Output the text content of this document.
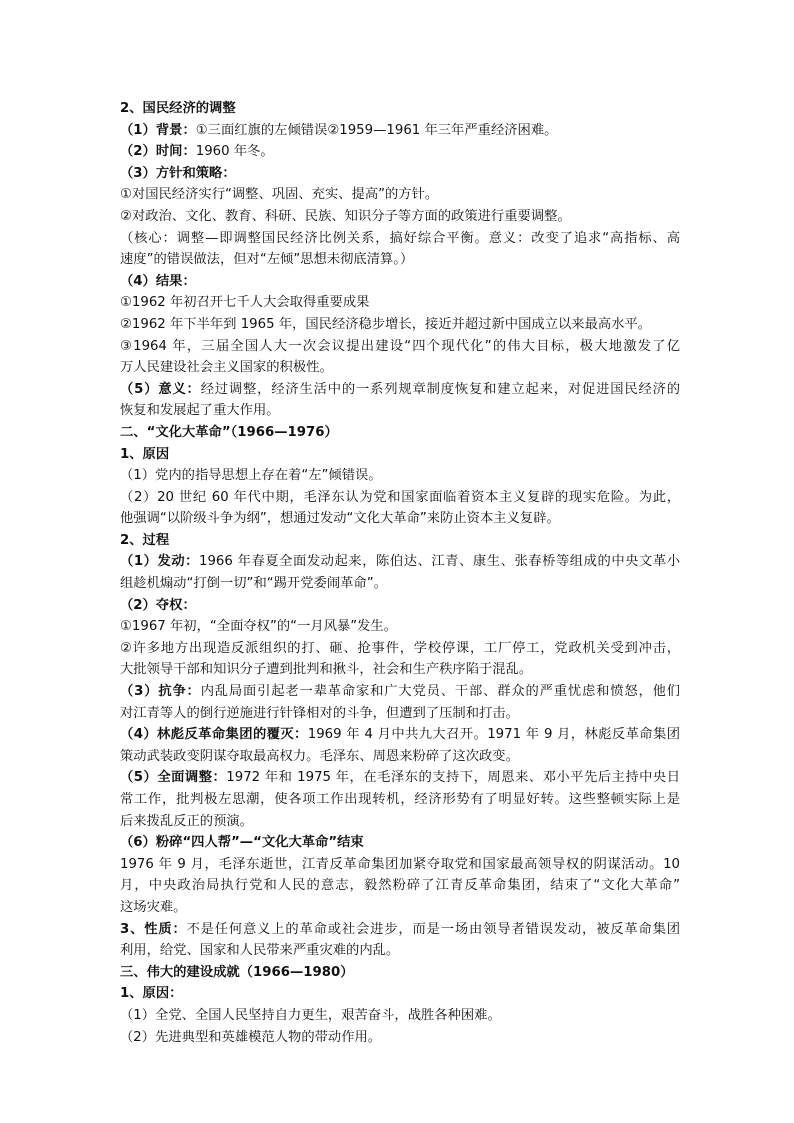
2、国民经济的调整
（1）背景：①三面红旗的左倾错误②1959—1961 年三年严重经济困难。
（2）时间：1960 年冬。
（3）方针和策略：
①对国民经济实行“调整、巩固、充实、提高”的方针。
②对政治、文化、教育、科研、民族、知识分子等方面的政策进行重要调整。
（核心：调整—即调整国民经济比例关系，搞好综合平衡。意义：改变了追求“高指标、高
速度”的错误做法，但对“左倾”思想未彻底清算。）
（4）结果：
①1962 年初召开七千人大会取得重要成果
②1962 年下半年到 1965 年，国民经济稳步增长，接近并超过新中国成立以来最高水平。
③1964 年，三届全国人大一次会议提出建设“四个现代化”的伟大目标，极大地激发了亿
万人民建设社会主义国家的积极性。
（5）意义：经过调整，经济生活中的一系列规章制度恢复和建立起来，对促进国民经济的
恢复和发展起了重大作用。
二、“文化大革命”（1966—1976）
1、原因
（1）党内的指导思想上存在着“左”倾错误。
（2）20 世纪 60 年代中期，毛泽东认为党和国家面临着资本主义复辟的现实危险。为此，
他强调“以阶级斗争为纲”，想通过发动“文化大革命”来防止资本主义复辟。
2、过程
（1）发动：1966 年春夏全面发动起来，陈伯达、江青、康生、张春桥等组成的中央文革小
组趁机煽动“打倒一切”和“踢开党委闹革命”。
（2）夺权：
①1967 年初，“全面夺权”的“一月风暴”发生。
②许多地方出现造反派组织的打、砸、抢事件，学校停课，工厂停工，党政机关受到冲击，
大批领导干部和知识分子遭到批判和揪斗，社会和生产秩序陷于混乱。
（3）抗争：内乱局面引起老一辈革命家和广大党员、干部、群众的严重忧虑和愤怒，他们
对江青等人的倒行逆施进行针锋相对的斗争，但遭到了压制和打击。
（4）林彪反革命集团的覆灭：1969 年 4 月中共九大召开。1971 年 9 月，林彪反革命集团
策动武装政变阴谋夺取最高权力。毛泽东、周恩来粉碎了这次政变。
（5）全面调整：1972 年和 1975 年，在毛泽东的支持下，周恩来、邓小平先后主持中央日
常工作，批判极左思潮，使各项工作出现转机，经济形势有了明显好转。这些整顿实际上是
后来拨乱反正的预演。
（6）粉碎“四人帮”—“文化大革命”结束
1976 年 9 月，毛泽东逝世，江青反革命集团加紧夺取党和国家最高领导权的阴谋活动。10
月，中央政治局执行党和人民的意志，毅然粉碎了江青反革命集团，结束了“文化大革命”
这场灾难。
3、性质：不是任何意义上的革命或社会进步，而是一场由领导者错误发动，被反革命集团
利用，给党、国家和人民带来严重灾难的内乱。
三、伟大的建设成就（1966—1980）
1、原因：
（1）全党、全国人民坚持自力更生，艰苦奋斗，战胜各种困难。
（2）先进典型和英雄模范人物的带动作用。
